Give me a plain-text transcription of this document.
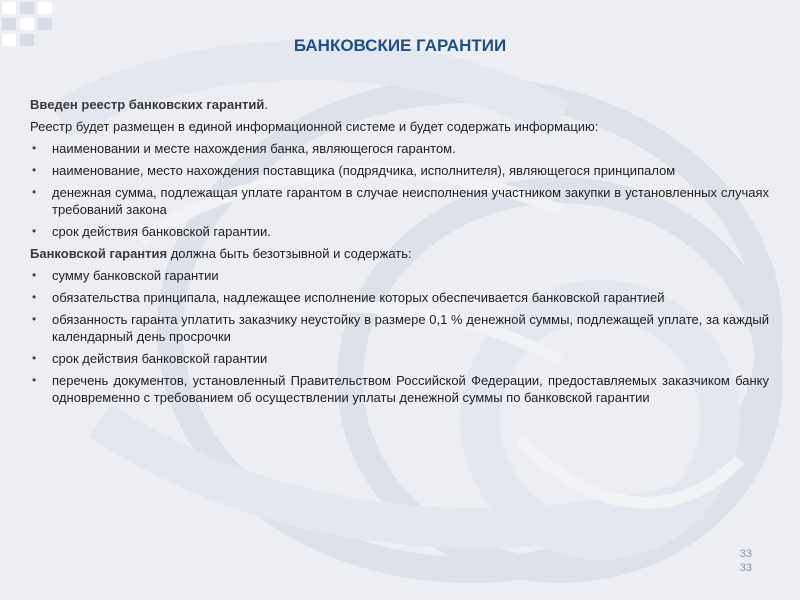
БАНКОВСКИЕ ГАРАНТИИ

Введен реестр банковских гарантий.

Реестр будет размещен в единой информационной системе и будет содержать информацию:

• наименовании и месте нахождения банка, являющегося гарантом.
• наименование, место нахождения поставщика (подрядчика, исполнителя), являющегося принципалом
• денежная сумма, подлежащая уплате гарантом в случае неисполнения участником закупки в установленных случаях требований закона
• срок действия банковской гарантии.

Банковской гарантия должна быть безотзывной и содержать:

• сумму банковской гарантии
• обязательства принципала, надлежащее исполнение которых обеспечивается банковской гарантией
• обязанность гаранта уплатить заказчику неустойку в размере 0,1 % денежной суммы, подлежащей уплате, за каждый календарный день просрочки
• срок действия банковской гарантии
• перечень документов, установленный Правительством Российской Федерации, предоставляемых заказчиком банку одновременно с требованием об осуществлении уплаты денежной суммы по банковской гарантии
33
33
